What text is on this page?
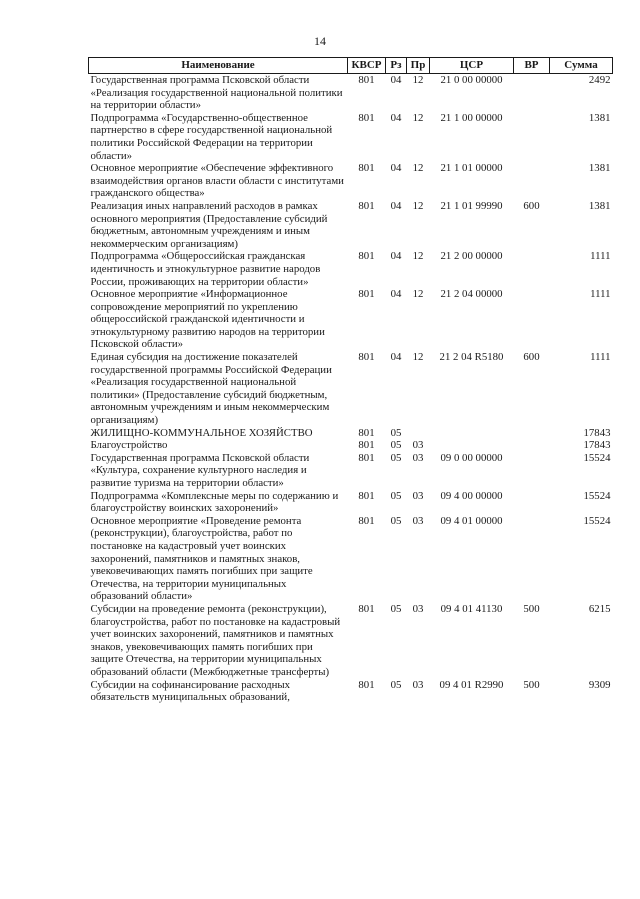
14
Наименование	КВСР	Рз	Пр	ЦСР	ВР	Сумма
Государственная программа Псковской области «Реализация государственной национальной политики на территории области»	801	04	12	21 0 00 00000		2492
Подпрограмма «Государственно-общественное партнерство в сфере государственной национальной политики Российской Федерации на территории области»	801	04	12	21 1 00 00000		1381
Основное мероприятие «Обеспечение эффективного взаимодействия органов власти области с институтами гражданского общества»	801	04	12	21 1 01 00000		1381
Реализация иных направлений расходов в рамках основного мероприятия (Предоставление субсидий бюджетным, автономным учреждениям и иным некоммерческим организациям)	801	04	12	21 1 01 99990	600	1381
Подпрограмма «Общероссийская гражданская идентичность и этнокультурное развитие народов России, проживающих на территории области»	801	04	12	21 2 00 00000		1111
Основное мероприятие «Информационное сопровождение мероприятий по укреплению общероссийской гражданской идентичности и этнокультурному развитию народов на территории Псковской области»	801	04	12	21 2 04 00000		1111
Единая субсидия на достижение показателей государственной программы Российской Федерации «Реализация государственной национальной политики» (Предоставление субсидий бюджетным, автономным учреждениям и иным некоммерческим организациям)	801	04	12	21 2 04 R5180	600	1111
ЖИЛИЩНО-КОММУНАЛЬНОЕ ХОЗЯЙСТВО	801	05				17843
Благоустройство	801	05	03			17843
Государственная программа Псковской области «Культура, сохранение культурного наследия и развитие туризма на территории области»	801	05	03	09 0 00 00000		15524
Подпрограмма «Комплексные меры по содержанию и благоустройству воинских захоронений»	801	05	03	09 4 00 00000		15524
Основное мероприятие «Проведение ремонта (реконструкции), благоустройства, работ по постановке на кадастровый учет воинских захоронений, памятников и памятных знаков, увековечивающих память погибших при защите Отечества, на территории муниципальных образований области»	801	05	03	09 4 01 00000		15524
Субсидии на проведение ремонта (реконструкции), благоустройства, работ по постановке на кадастровый учет воинских захоронений, памятников и памятных знаков, увековечивающих память погибших при защите Отечества, на территории муниципальных образований области (Межбюджетные трансферты)	801	05	03	09 4 01 41130	500	6215
Субсидии на софинансирование расходных обязательств муниципальных образований,	801	05	03	09 4 01 R2990	500	9309
